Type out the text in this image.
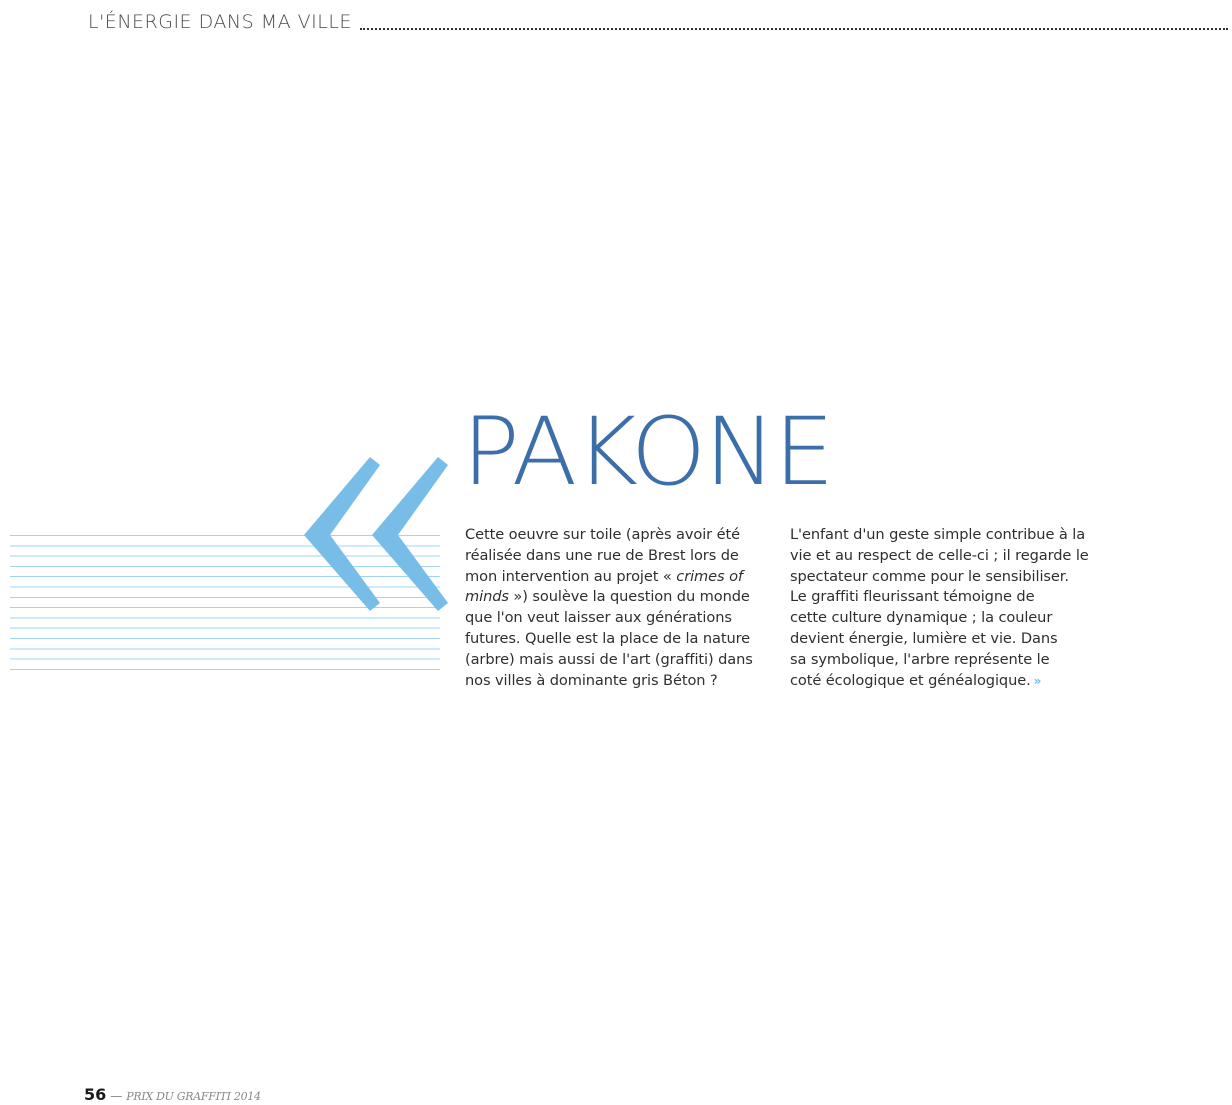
L'ÉNERGIE DANS MA VILLE
PAKONE
Cette oeuvre sur toile (après avoir été
réalisée dans une rue de Brest lors de
mon intervention au projet « crimes of
minds ») soulève la question du monde
que l'on veut laisser aux générations
futures. Quelle est la place de la nature
(arbre) mais aussi de l'art (graffiti) dans
nos villes à dominante gris Béton ?
L'enfant d'un geste simple contribue à la
vie et au respect de celle-ci ; il regarde le
spectateur comme pour le sensibiliser.
Le graffiti fleurissant témoigne de
cette culture dynamique ; la couleur
devient énergie, lumière et vie. Dans
sa symbolique, l'arbre représente le
coté écologique et généalogique. »
56 — PRIX DU GRAFFITI 2014
